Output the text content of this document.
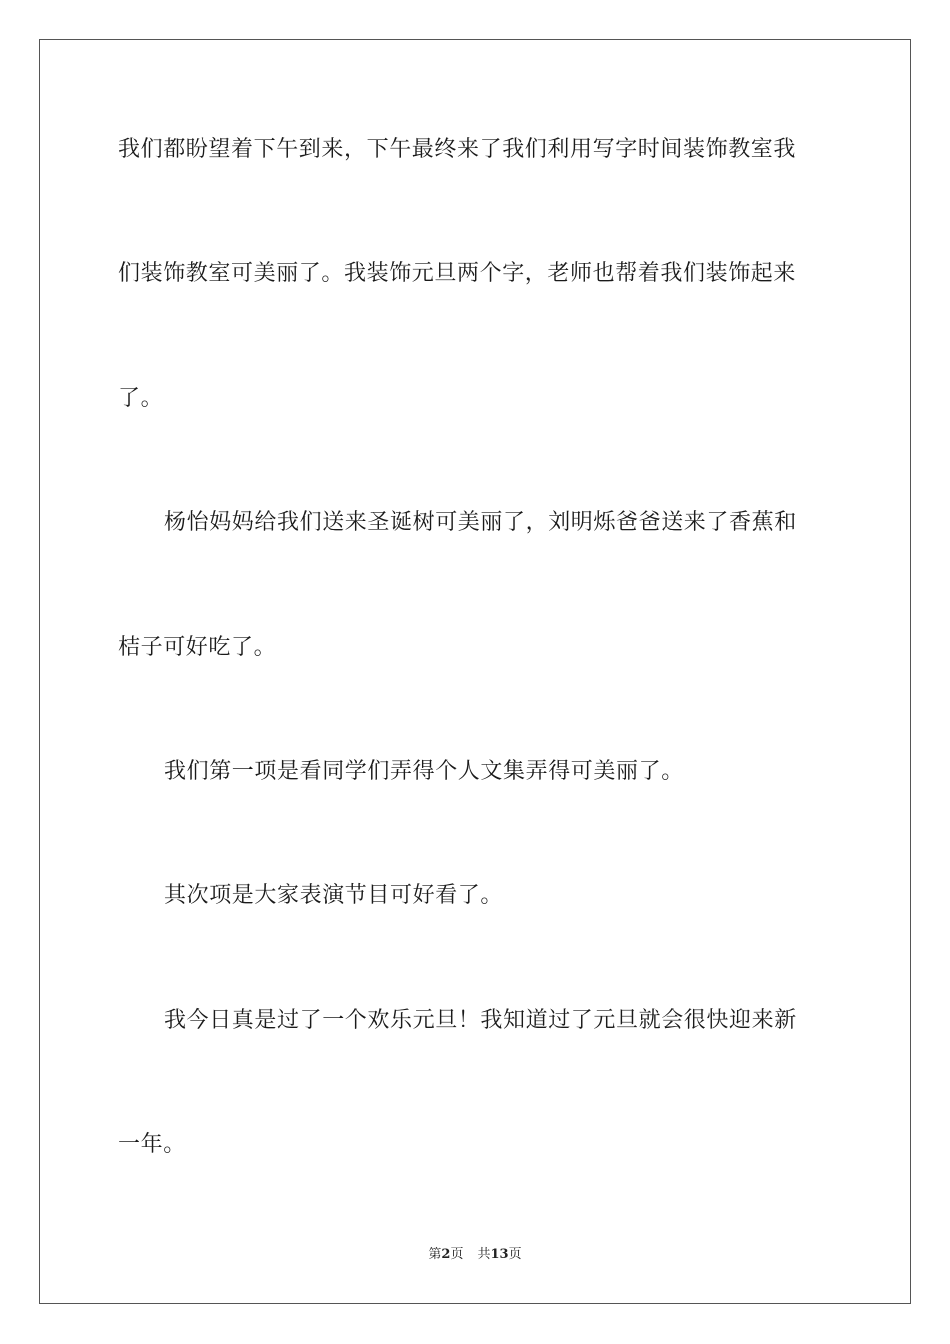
我们都盼望着下午到来，下午最终来了我们利用写字时间装饰教室我
们装饰教室可美丽了。我装饰元旦两个字，老师也帮着我们装饰起来
了。
杨怡妈妈给我们送来圣诞树可美丽了，刘明烁爸爸送来了香蕉和
桔子可好吃了。
我们第一项是看同学们弄得个人文集弄得可美丽了。
其次项是大家表演节目可好看了。
我今日真是过了一个欢乐元旦！我知道过了元旦就会很快迎来新
一年。
第2页 共13页
